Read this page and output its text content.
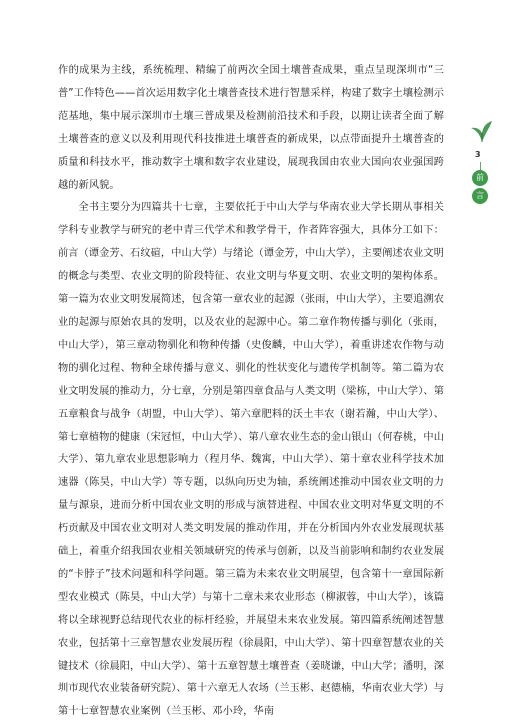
作的成果为主线，系统梳理、精编了前两次全国土壤普查成果，重点呈现深圳市“三普”工作特色——首次运用数字化土壤普查技术进行智慧采样，构建了数字土壤检测示范基地，集中展示深圳市土壤三普成果及检测前沿技术和手段，以期让读者全面了解土壤普查的意义以及利用现代科技推进土壤普查的新成果，以点带面提升土壤普查的质量和科技水平，推动数字土壤和数字农业建设，展现我国由农业大国向农业强国跨越的新风貌。

全书主要分为四篇共十七章，主要依托于中山大学与华南农业大学长期从事相关学科专业教学与研究的老中青三代学术和教学骨干，作者阵容强大，具体分工如下：前言（谭金芳、石纹碹，中山大学）与绪论（谭金芳，中山大学），主要阐述农业文明的概念与类型、农业文明的阶段特征、农业文明与华夏文明、农业文明的架构体系。第一篇为农业文明发展简述，包含第一章农业的起源（张雨，中山大学），主要追溯农业的起源与原始农具的发明，以及农业的起源中心。第二章作物传播与驯化（张雨，中山大学），第三章动物驯化和物种传播（史俊麟，中山大学），着重讲述农作物与动物的驯化过程、物种全球传播与意义、驯化的性状变化与遗传学机制等。第二篇为农业文明发展的推动力，分七章，分别是第四章食品与人类文明（梁栋，中山大学）、第五章粮食与战争（胡盟，中山大学）、第六章肥料的沃土丰农（谢若瀚，中山大学）、第七章植物的健康（宋冠恒，中山大学）、第八章农业生态的金山银山（何春桃，中山大学）、第九章农业思想影响力（程月华、魏寓，中山大学）、第十章农业科学技术加速器（陈昊，中山大学）等专题，以纵向历史为轴，系统阐述推动中国农业文明的力量与源泉，进而分析中国农业文明的形成与演替进程、中国农业文明对华夏文明的不朽贡献及中国农业文明对人类文明发展的推动作用，并在分析国内外农业发展现状基础上，着重介绍我国农业相关领域研究的传承与创新，以及当前影响和制约农业发展的“卡脖子”技术问题和科学问题。第三篇为未来农业文明展望，包含第十一章国际新型农业模式（陈昊，中山大学）与第十二章未来农业形态（柳淑蓉，中山大学），该篇将以全球视野总结现代农业的标杆经验，并展望未来农业发展。第四篇系统阐述智慧农业，包括第十三章智慧农业发展历程（徐晨阳，中山大学）、第十四章智慧农业的关键技术（徐晨阳，中山大学）、第十五章智慧土壤普查（姜晓谦，中山大学；潘明，深圳市现代农业装备研究院）、第十六章无人农场（兰玉彬、赵德楠，华南农业大学）与第十七章智慧农业案例（兰玉彬、邓小玲，华南

3
前
言
